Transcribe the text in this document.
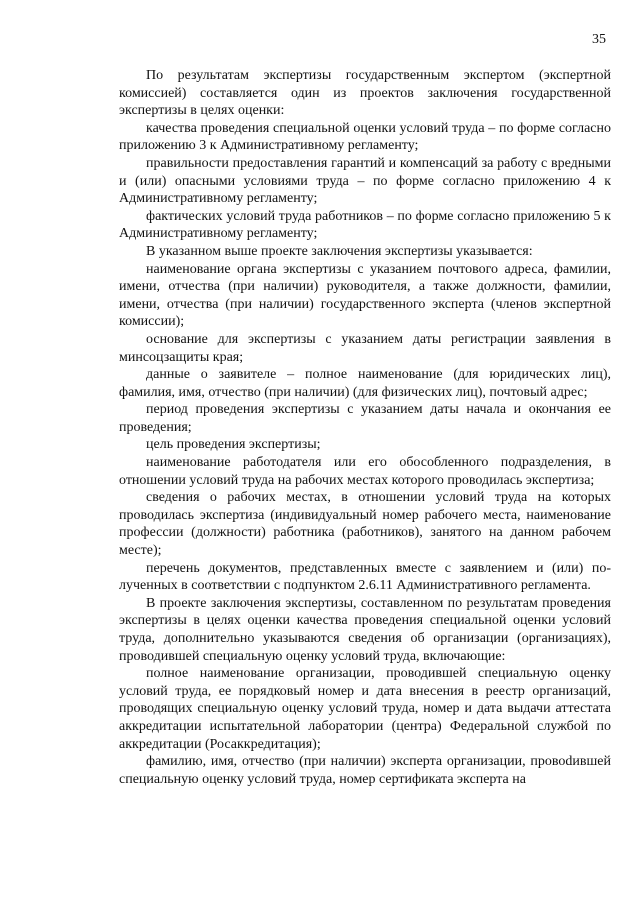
35

По результатам экспертизы государственным экспертом (экспертной комиссией) составляется один из проектов заключения государственной экспертизы в целях оценки:

качества проведения специальной оценки условий труда – по форме согласно приложению 3 к Административному регламенту;

правильности предоставления гарантий и компенсаций за работу с вредными и (или) опасными условиями труда – по форме согласно приложению 4 к Административному регламенту;

фактических условий труда работников – по форме согласно приложению 5 к Административному регламенту;

В указанном выше проекте заключения экспертизы указывается:

наименование органа экспертизы с указанием почтового адреса, фамилии, имени, отчества (при наличии) руководителя, а также должности, фамилии, имени, отчества (при наличии) государственного эксперта (членов экспертной комиссии);

основание для экспертизы с указанием даты регистрации заявления в минсоцзащиты края;

данные о заявителе – полное наименование (для юридических лиц), фамилия, имя, отчество (при наличии) (для физических лиц), почтовый адрес;

период проведения экспертизы с указанием даты начала и окончания ее проведения;

цель проведения экспертизы;

наименование работодателя или его обособленного подразделения, в отношении условий труда на рабочих местах которого проводилась экспертиза;

сведения о рабочих местах, в отношении условий труда на которых проводилась экспертиза (индивидуальный номер рабочего места, наименование профессии (должности) работника (работников), занятого на данном рабочем месте);

перечень документов, представленных вместе с заявлением и (или) полученных в соответствии с подпунктом 2.6.11 Административного регламента.

В проекте заключения экспертизы, составленном по результатам проведения экспертизы в целях оценки качества проведения специальной оценки условий труда, дополнительно указываются сведения об организации (организациях), проводившей специальную оценку условий труда, включающие:

полное наименование организации, проводившей специальную оценку условий труда, ее порядковый номер и дата внесения в реестр организаций, проводящих специальную оценку условий труда, номер и дата выдачи аттестата аккредитации испытательной лаборатории (центра) Федеральной службой по аккредитации (Росаккредитация);

фамилию, имя, отчество (при наличии) эксперта организации, провоdившей специальную оценку условий труда, номер сертификата эксперта на
